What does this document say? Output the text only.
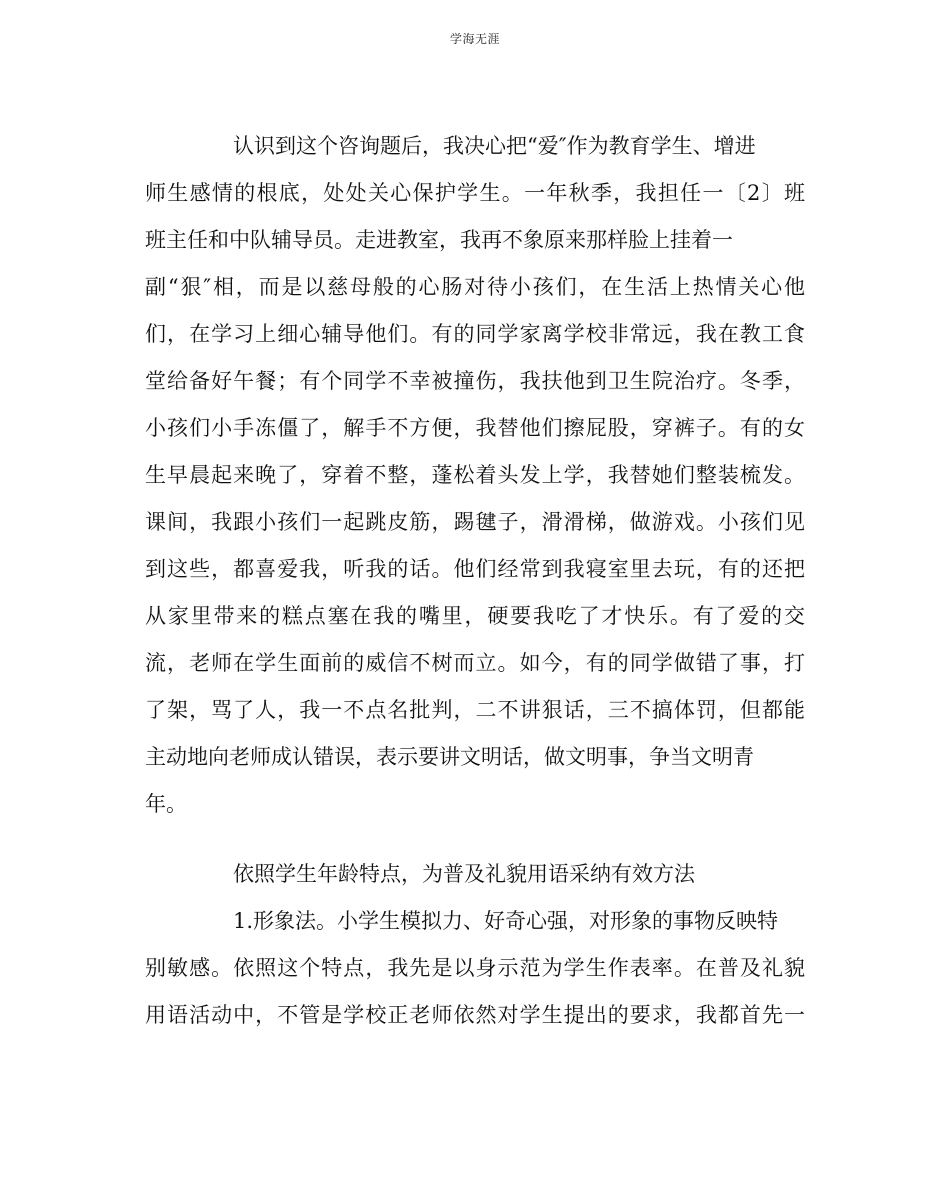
学海无涯
认识到这个咨询题后，我决心把“爱″作为教育学生、增进
师生感情的根底，处处关心保护学生。一年秋季，我担任一〔2〕班
班主任和中队辅导员。走进教室，我再不象原来那样脸上挂着一
副“狠″相，而是以慈母般的心肠对待小孩们，在生活上热情关心他
们，在学习上细心辅导他们。有的同学家离学校非常远，我在教工食
堂给备好午餐；有个同学不幸被撞伤，我扶他到卫生院治疗。冬季，
小孩们小手冻僵了，解手不方便，我替他们擦屁股，穿裤子。有的女
生早晨起来晚了，穿着不整，蓬松着头发上学，我替她们整装梳发。
课间，我跟小孩们一起跳皮筋，踢毽子，滑滑梯，做游戏。小孩们见
到这些，都喜爱我，听我的话。他们经常到我寝室里去玩，有的还把
从家里带来的糕点塞在我的嘴里，硬要我吃了才快乐。有了爱的交
流，老师在学生面前的威信不树而立。如今，有的同学做错了事，打
了架，骂了人，我一不点名批判，二不讲狠话，三不搞体罚，但都能
主动地向老师成认错误，表示要讲文明话，做文明事，争当文明青
年。
依照学生年龄特点，为普及礼貌用语采纳有效方法
1.形象法。小学生模拟力、好奇心强，对形象的事物反映特
别敏感。依照这个特点，我先是以身示范为学生作表率。在普及礼貌
用语活动中，不管是学校正老师依然对学生提出的要求，我都首先一
